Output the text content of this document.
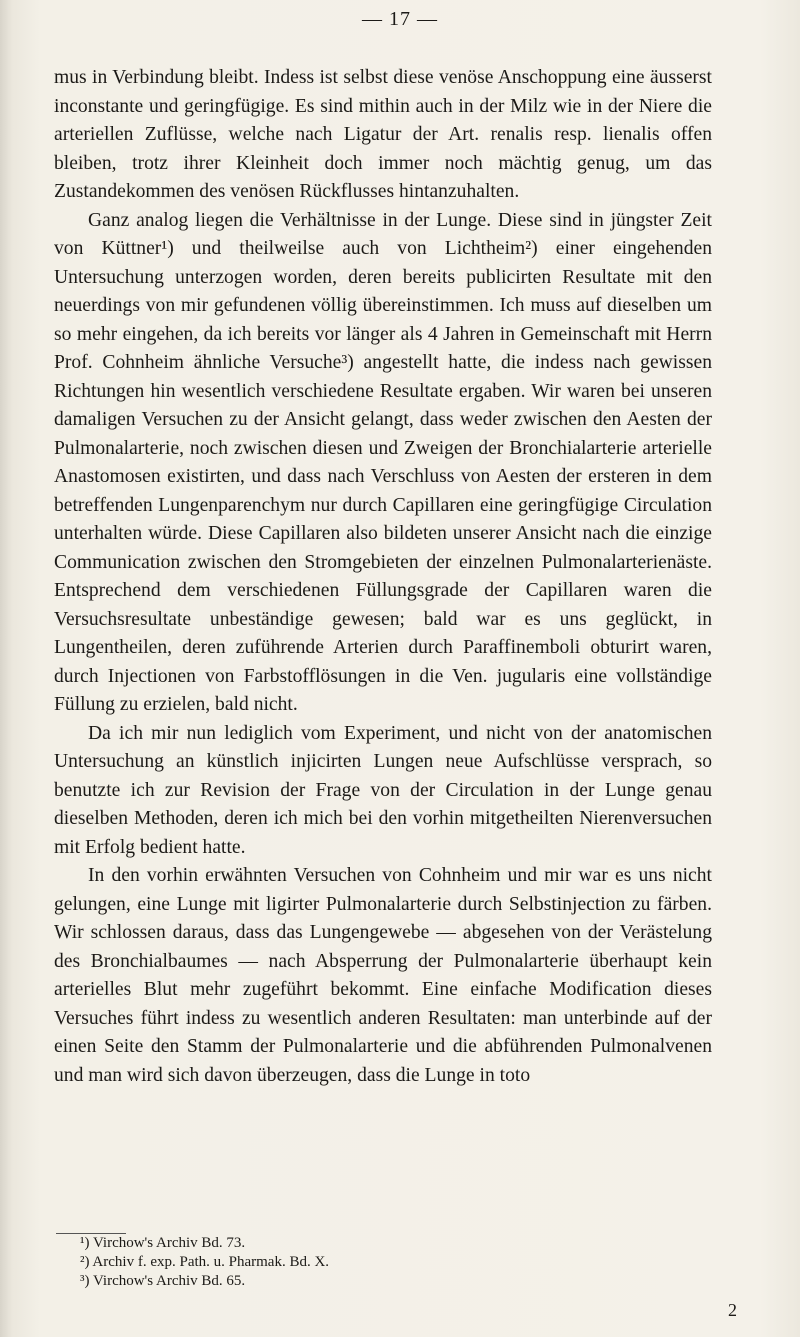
— 17 —

mus in Verbindung bleibt. Indess ist selbst diese venöse Anschoppung eine äusserst inconstante und geringfügige. Es sind mithin auch in der Milz wie in der Niere die arteriellen Zuflüsse, welche nach Ligatur der Art. renalis resp. lienalis offen bleiben, trotz ihrer Kleinheit doch immer noch mächtig genug, um das Zustandekommen des venösen Rückflusses hintanzuhalten.

Ganz analog liegen die Verhältnisse in der Lunge. Diese sind in jüngster Zeit von Küttner¹) und theilweilse auch von Lichtheim²) einer eingehenden Untersuchung unterzogen worden, deren bereits publicirten Resultate mit den neuerdings von mir gefundenen völlig übereinstimmen. Ich muss auf dieselben um so mehr eingehen, da ich bereits vor länger als 4 Jahren in Gemeinschaft mit Herrn Prof. Cohnheim ähnliche Versuche³) angestellt hatte, die indess nach gewissen Richtungen hin wesentlich verschiedene Resultate ergaben. Wir waren bei unseren damaligen Versuchen zu der Ansicht gelangt, dass weder zwischen den Aesten der Pulmonalarterie, noch zwischen diesen und Zweigen der Bronchialarterie arterielle Anastomosen existirten, und dass nach Verschluss von Aesten der ersteren in dem betreffenden Lungenparenchym nur durch Capillaren eine geringfügige Circulation unterhalten würde. Diese Capillaren also bildeten unserer Ansicht nach die einzige Communication zwischen den Stromgebieten der einzelnen Pulmonalarterienäste. Entsprechend dem verschiedenen Füllungsgrade der Capillaren waren die Versuchsresultate unbeständige gewesen; bald war es uns geglückt, in Lungentheilen, deren zuführende Arterien durch Paraffinemboli obturirt waren, durch Injectionen von Farbstofflösungen in die Ven. jugularis eine vollständige Füllung zu erzielen, bald nicht.

Da ich mir nun lediglich vom Experiment, und nicht von der anatomischen Untersuchung an künstlich injicirten Lungen neue Aufschlüsse versprach, so benutzte ich zur Revision der Frage von der Circulation in der Lunge genau dieselben Methoden, deren ich mich bei den vorhin mitgetheilten Nierenversuchen mit Erfolg bedient hatte.

In den vorhin erwähnten Versuchen von Cohnheim und mir war es uns nicht gelungen, eine Lunge mit ligirter Pulmonalarterie durch Selbstinjection zu färben. Wir schlossen daraus, dass das Lungengewebe — abgesehen von der Verästelung des Bronchialbaumes — nach Absperrung der Pulmonalarterie überhaupt kein arterielles Blut mehr zugeführt bekommt. Eine einfache Modification dieses Versuches führt indess zu wesentlich anderen Resultaten: man unterbinde auf der einen Seite den Stamm der Pulmonalarterie und die abführenden Pulmonalvenen und man wird sich davon überzeugen, dass die Lunge in toto

¹) Virchow's Archiv Bd. 73.
²) Archiv f. exp. Path. u. Pharmak. Bd. X.
³) Virchow's Archiv Bd. 65.
2
